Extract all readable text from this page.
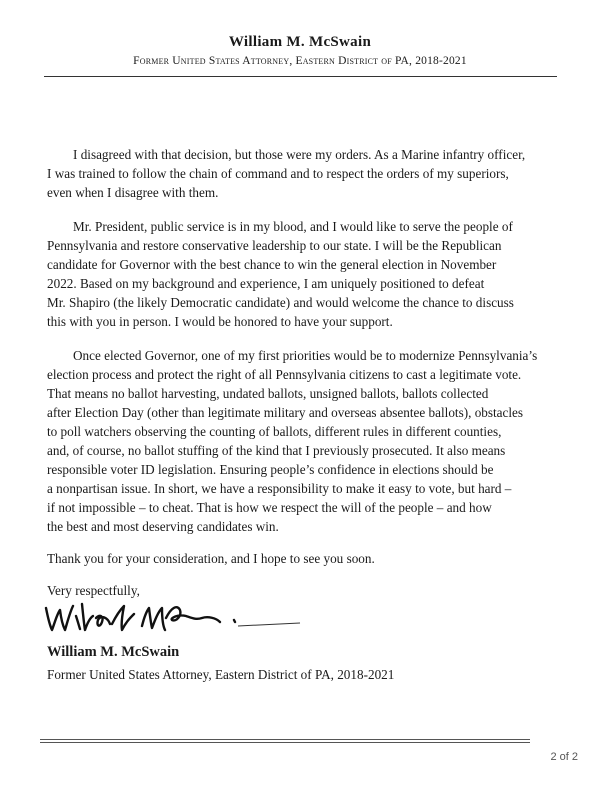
William M. McSwain
Former United States Attorney, Eastern District of PA, 2018-2021

I disagreed with that decision, but those were my orders. As a Marine infantry officer,
I was trained to follow the chain of command and to respect the orders of my superiors,
even when I disagree with them.

Mr. President, public service is in my blood, and I would like to serve the people of
Pennsylvania and restore conservative leadership to our state. I will be the Republican
candidate for Governor with the best chance to win the general election in November
2022. Based on my background and experience, I am uniquely positioned to defeat
Mr. Shapiro (the likely Democratic candidate) and would welcome the chance to discuss
this with you in person. I would be honored to have your support.

Once elected Governor, one of my first priorities would be to modernize Pennsylvania’s
election process and protect the right of all Pennsylvania citizens to cast a legitimate vote.
That means no ballot harvesting, undated ballots, unsigned ballots, ballots collected
after Election Day (other than legitimate military and overseas absentee ballots), obstacles
to poll watchers observing the counting of ballots, different rules in different counties,
and, of course, no ballot stuffing of the kind that I previously prosecuted. It also means
responsible voter ID legislation. Ensuring people’s confidence in elections should be
a nonpartisan issue. In short, we have a responsibility to make it easy to vote, but hard –
if not impossible – to cheat. That is how we respect the will of the people – and how
the best and most deserving candidates win.

Thank you for your consideration, and I hope to see you soon.
Very respectfully,
William M. McSwain
Former United States Attorney, Eastern District of PA, 2018-2021
2 of 2
